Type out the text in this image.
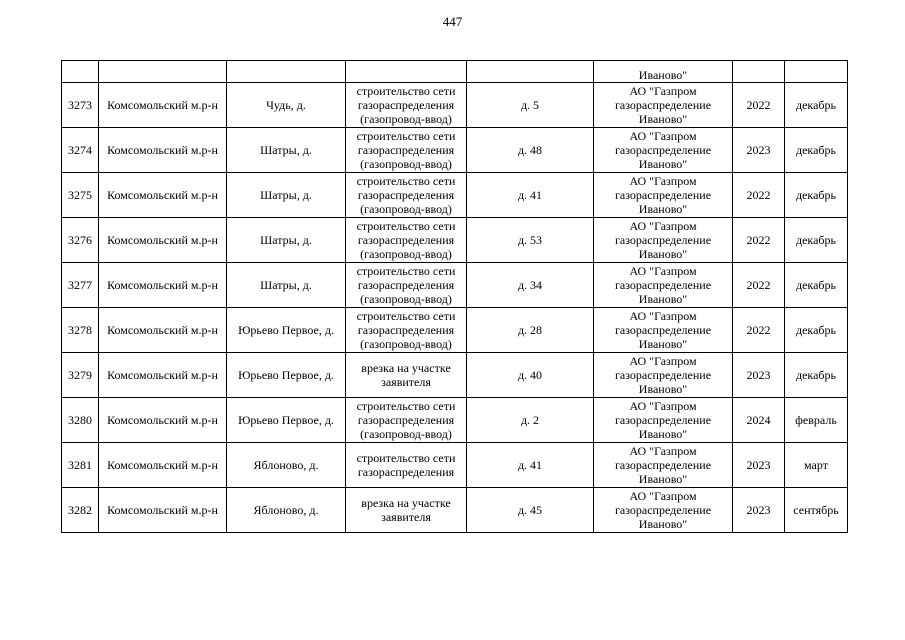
447
					Иваново"		
3273	Комсомольский м.р-н	Чудь, д.	строительство сети газораспределения (газопровод-ввод)	д. 5	АО "Газпром газораспределение Иваново"	2022	декабрь
3274	Комсомольский м.р-н	Шатры, д.	строительство сети газораспределения (газопровод-ввод)	д. 48	АО "Газпром газораспределение Иваново"	2023	декабрь
3275	Комсомольский м.р-н	Шатры, д.	строительство сети газораспределения (газопровод-ввод)	д. 41	АО "Газпром газораспределение Иваново"	2022	декабрь
3276	Комсомольский м.р-н	Шатры, д.	строительство сети газораспределения (газопровод-ввод)	д. 53	АО "Газпром газораспределение Иваново"	2022	декабрь
3277	Комсомольский м.р-н	Шатры, д.	строительство сети газораспределения (газопровод-ввод)	д. 34	АО "Газпром газораспределение Иваново"	2022	декабрь
3278	Комсомольский м.р-н	Юрьево Первое, д.	строительство сети газораспределения (газопровод-ввод)	д. 28	АО "Газпром газораспределение Иваново"	2022	декабрь
3279	Комсомольский м.р-н	Юрьево Первое, д.	врезка на участке заявителя	д. 40	АО "Газпром газораспределение Иваново"	2023	декабрь
3280	Комсомольский м.р-н	Юрьево Первое, д.	строительство сети газораспределения (газопровод-ввод)	д. 2	АО "Газпром газораспределение Иваново"	2024	февраль
3281	Комсомольский м.р-н	Яблоново, д.	строительство сети газораспределения	д. 41	АО "Газпром газораспределение Иваново"	2023	март
3282	Комсомольский м.р-н	Яблоново, д.	врезка на участке заявителя	д. 45	АО "Газпром газораспределение Иваново"	2023	сентябрь
